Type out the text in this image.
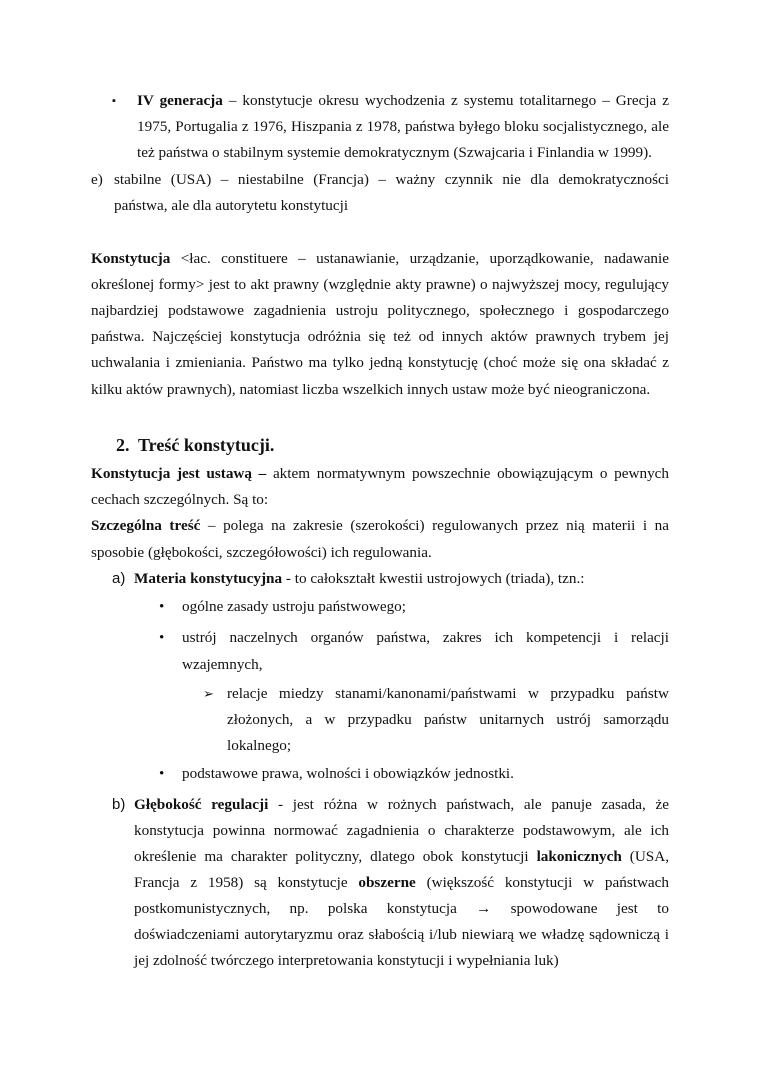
▪ IV generacja – konstytucje okresu wychodzenia z systemu totalitarnego – Grecja z
1975, Portugalia z 1976, Hiszpania z 1978, państwa byłego bloku socjalistycznego, ale
też państwa o stabilnym systemie demokratycznym (Szwajcaria i Finlandia w 1999).
e) stabilne (USA) – niestabilne (Francja) – ważny czynnik nie dla demokratyczności
państwa, ale dla autorytetu konstytucji
Konstytucja <łac. constituere – ustanawianie, urządzanie, uporządkowanie, nadawanie
określonej formy> jest to akt prawny (względnie akty prawne) o najwyższej mocy, regulujący
najbardziej podstawowe zagadnienia ustroju politycznego, społecznego i gospodarczego
państwa. Najczęściej konstytucja odróżnia się też od innych aktów prawnych trybem jej
uchwalania i zmieniania. Państwo ma tylko jedną konstytucję (choć może się ona składać z
kilku aktów prawnych), natomiast liczba wszelkich innych ustaw może być nieograniczona.
2. Treść konstytucji.
Konstytucja jest ustawą – aktem normatywnym powszechnie obowiązującym o pewnych
cechach szczególnych. Są to:
Szczególna treść – polega na zakresie (szerokości) regulowanych przez nią materii i na
sposobie (głębokości, szczegółowości) ich regulowania.
a) Materia konstytucyjna - to całokształt kwestii ustrojowych (triada), tzn.:
• ogólne zasady ustroju państwowego;
• ustrój naczelnych organów państwa, zakres ich kompetencji i relacji
wzajemnych,
➢ relacje miedzy stanami/kanonami/państwami w przypadku państw
złożonych, a w przypadku państw unitarnych ustrój samorządu
lokalnego;
• podstawowe prawa, wolności i obowiązków jednostki.
b) Głębokość regulacji - jest różna w rożnych państwach, ale panuje zasada, że
konstytucja powinna normować zagadnienia o charakterze podstawowym, ale ich
określenie ma charakter polityczny, dlatego obok konstytucji lakonicznych (USA,
Francja z 1958) są konstytucje obszerne (większość konstytucji w państwach
postkomunistycznych, np. polska konstytucja → spowodowane jest to
doświadczeniami autorytaryzmu oraz słabością i/lub niewiarą we władzę sądowniczą i
jej zdolność twórczego interpretowania konstytucji i wypełniania luk)
